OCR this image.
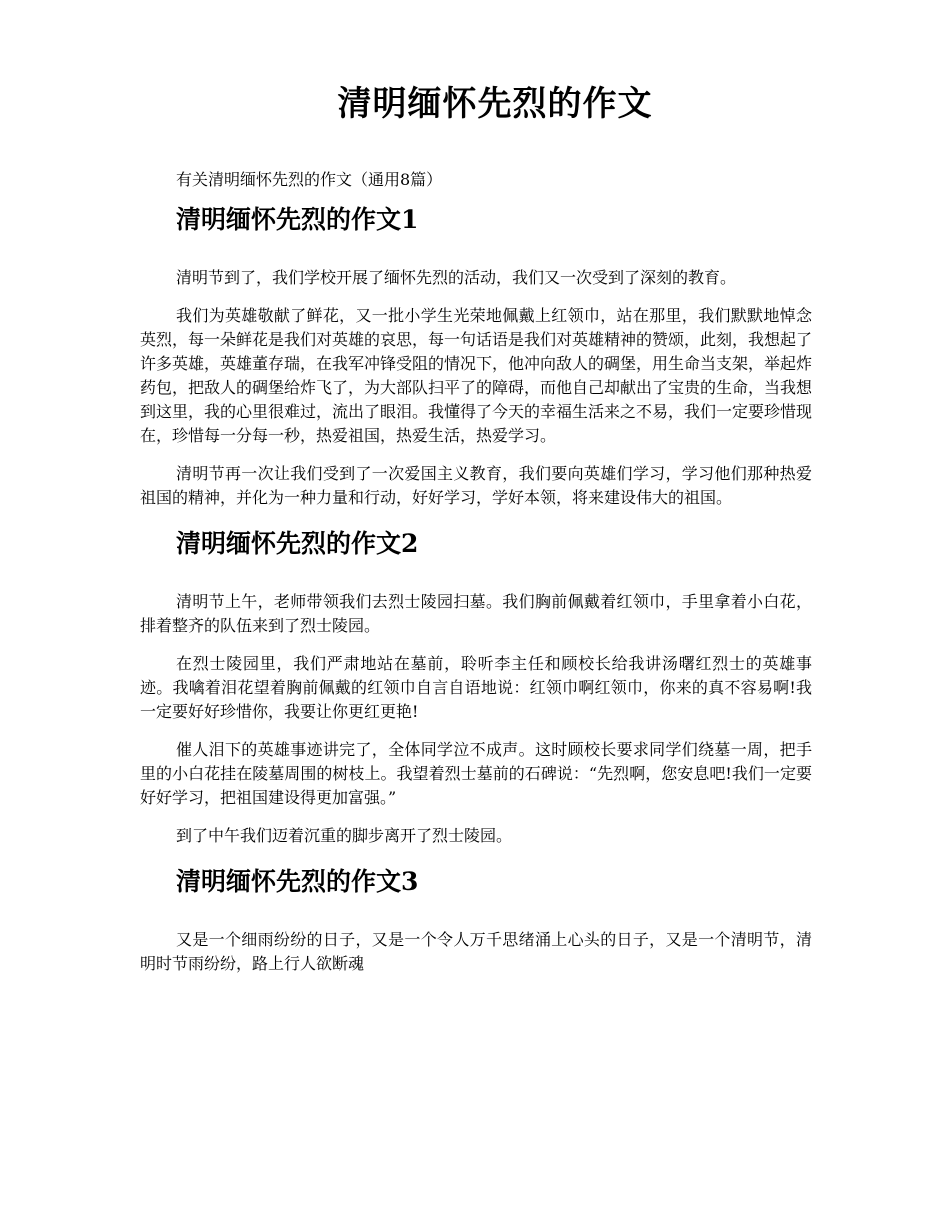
清明缅怀先烈的作文

有关清明缅怀先烈的作文（通用8篇）

清明缅怀先烈的作文1

清明节到了，我们学校开展了缅怀先烈的活动，我们又一次受到了深刻的教育。

我们为英雄敬献了鲜花，又一批小学生光荣地佩戴上红领巾，站在那里，我们默默地悼念英烈，每一朵鲜花是我们对英雄的哀思，每一句话语是我们对英雄精神的赞颂，此刻，我想起了许多英雄，英雄董存瑞，在我军冲锋受阻的情况下，他冲向敌人的碉堡，用生命当支架，举起炸药包，把敌人的碉堡给炸飞了，为大部队扫平了的障碍，而他自己却献出了宝贵的生命，当我想到这里，我的心里很难过，流出了眼泪。我懂得了今天的幸福生活来之不易，我们一定要珍惜现在，珍惜每一分每一秒，热爱祖国，热爱生活，热爱学习。

清明节再一次让我们受到了一次爱国主义教育，我们要向英雄们学习，学习他们那种热爱祖国的精神，并化为一种力量和行动，好好学习，学好本领，将来建设伟大的祖国。

清明缅怀先烈的作文2

清明节上午，老师带领我们去烈士陵园扫墓。我们胸前佩戴着红领巾，手里拿着小白花，排着整齐的队伍来到了烈士陵园。

在烈士陵园里，我们严肃地站在墓前，聆听李主任和顾校长给我讲汤曙红烈士的英雄事迹。我噙着泪花望着胸前佩戴的红领巾自言自语地说：红领巾啊红领巾，你来的真不容易啊!我一定要好好珍惜你，我要让你更红更艳!

催人泪下的英雄事迹讲完了，全体同学泣不成声。这时顾校长要求同学们绕墓一周，把手里的小白花挂在陵墓周围的树枝上。我望着烈士墓前的石碑说：“先烈啊，您安息吧!我们一定要好好学习，把祖国建设得更加富强。”

到了中午我们迈着沉重的脚步离开了烈士陵园。

清明缅怀先烈的作文3

又是一个细雨纷纷的日子，又是一个令人万千思绪涌上心头的日子，又是一个清明节，清明时节雨纷纷，路上行人欲断魂
